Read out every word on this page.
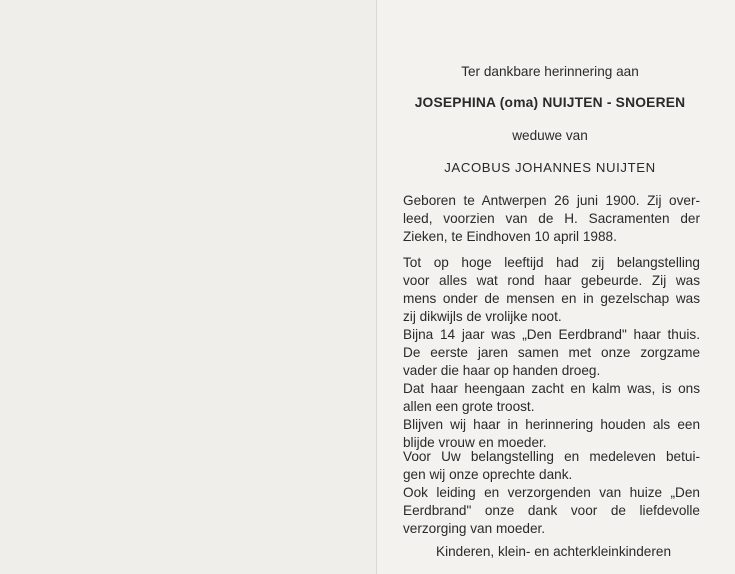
Ter dankbare herinnering aan
JOSEPHINA (oma) NUIJTEN - SNOEREN
weduwe van
JACOBUS JOHANNES NUIJTEN
Geboren te Antwerpen 26 juni 1900. Zij over-
leed, voorzien van de H. Sacramenten der
Zieken, te Eindhoven 10 april 1988.
Tot op hoge leeftijd had zij belangstelling
voor alles wat rond haar gebeurde. Zij was
mens onder de mensen en in gezelschap was
zij dikwijls de vrolijke noot.
Bijna 14 jaar was „Den Eerdbrand" haar thuis.
De eerste jaren samen met onze zorgzame
vader die haar op handen droeg.
Dat haar heengaan zacht en kalm was, is ons
allen een grote troost.
Blijven wij haar in herinnering houden als een
blijde vrouw en moeder.
Voor Uw belangstelling en medeleven betui-
gen wij onze oprechte dank.
Ook leiding en verzorgenden van huize „Den
Eerdbrand" onze dank voor de liefdevolle
verzorging van moeder.
Kinderen, klein- en achterkleinkinderen
